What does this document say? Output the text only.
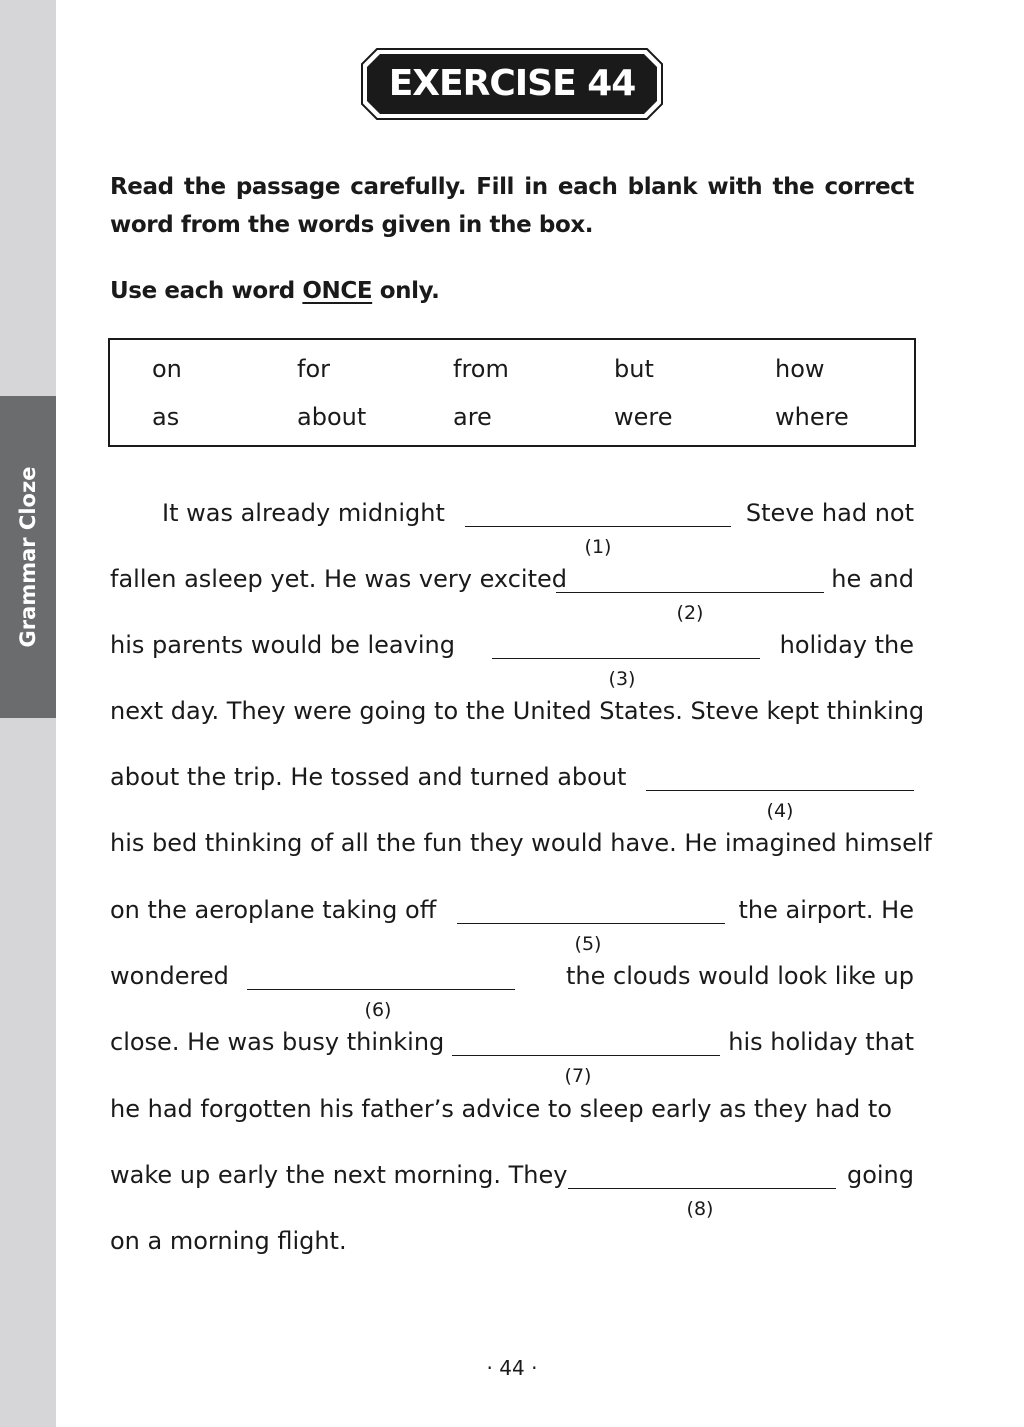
Grammar Cloze
EXERCISE 44
Read the passage carefully. Fill in each blank with the correct word from the words given in the box.
Use each word ONCE only.
on	for	from	but	how
as	about	are	were	where
It was already midnight
(1)
Steve had not
fallen asleep yet. He was very excited
(2)
he and
his parents would be leaving
(3)
holiday the
next day. They were going to the United States. Steve kept thinking
about the trip. He tossed and turned about
(4)
his bed thinking of all the fun they would have. He imagined himself
on the aeroplane taking off
(5)
the airport. He
wondered
(6)
the clouds would look like up
close. He was busy thinking
(7)
his holiday that
he had forgotten his father’s advice to sleep early as they had to
wake up early the next morning. They
(8)
going
on a morning flight.
· 44 ·
